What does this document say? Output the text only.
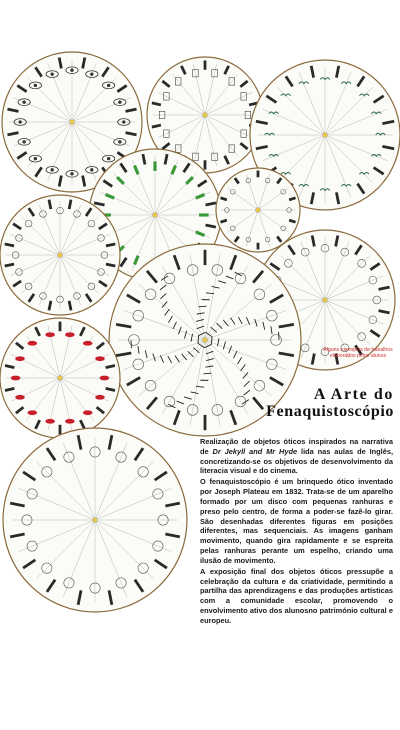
Alguns exemplos de trabalhos
elaborados pelos alunos
A Arte do
Fenaquistoscópio

Realização de objetos óticos inspirados na narrativa de Dr Jekyll and Mr Hyde lida nas aulas de Inglês, concretizando-se os objetivos de desenvolvimento da literacia visual e do cinema.

O fenaquistoscópio é um brinquedo ótico inventado por Joseph Plateau em 1832. Trata-se de um aparelho formado por um disco com pequenas ranhuras e preso pelo centro, de forma a poder-se fazê-lo girar. São desenhadas diferentes figuras em posições diferentes, mas sequenciais. As imagens ganham movimento, quando gira rapidamente e se espreita pelas ranhuras perante um espelho, criando uma ilusão de movimento.

A exposição final dos objetos óticos pressupõe a celebração da cultura e da criatividade, permitindo a partilha das aprendizagens e das produções artísticas com a comunidade escolar, promovendo o envolvimento ativo dos alunosno património cultural e europeu.
